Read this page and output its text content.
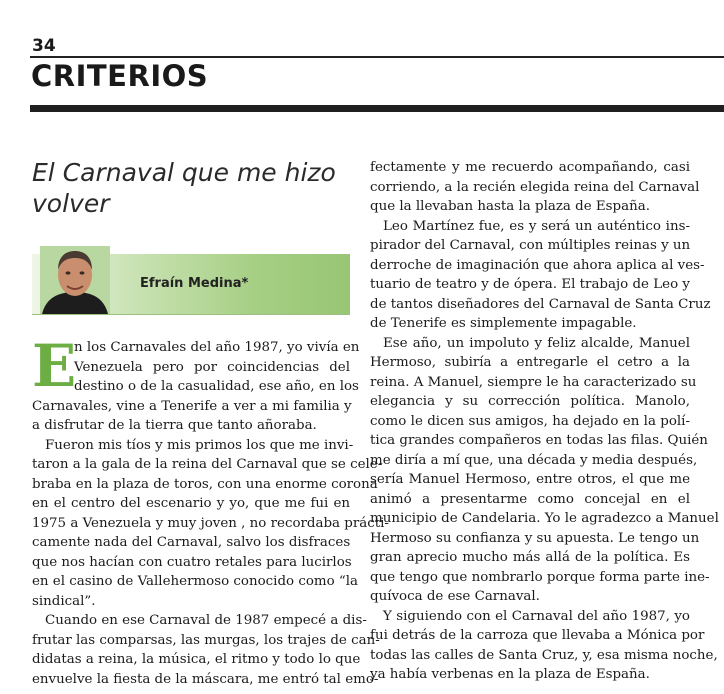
34
CRITERIOS
El Carnaval que me hizo
volver
Efraín Medina*
E
n los Carnavales del año 1987, yo vivía en
Venezuela pero por coincidencias del
destino o de la casualidad, ese año, en los
Carnavales, vine a Tenerife a ver a mi familia y
a disfrutar de la tierra que tanto añoraba.
Fueron mis tíos y mis primos los que me invi-
taron a la gala de la reina del Carnaval que se cele-
braba en la plaza de toros, con una enorme corona
en el centro del escenario y yo, que me fui en
1975 a Venezuela y muy joven , no recordaba prácti-
camente nada del Carnaval, salvo los disfraces
que nos hacían con cuatro retales para lucirlos
en el casino de Vallehermoso conocido como “la
sindical”.
Cuando en ese Carnaval de 1987 empecé a dis-
frutar las comparsas, las murgas, los trajes de can-
didatas a reina, la música, el ritmo y todo lo que
envuelve la fiesta de la máscara, me entró tal emo-
fectamente y me recuerdo acompañando, casi
corriendo, a la recién elegida reina del Carnaval
que la llevaban hasta la plaza de España.
Leo Martínez fue, es y será un auténtico ins-
pirador del Carnaval, con múltiples reinas y un
derroche de imaginación que ahora aplica al ves-
tuario de teatro y de ópera. El trabajo de Leo y
de tantos diseñadores del Carnaval de Santa Cruz
de Tenerife es simplemente impagable.
Ese año, un impoluto y feliz alcalde, Manuel
Hermoso, subiría a entregarle el cetro a la
reina. A Manuel, siempre le ha caracterizado su
elegancia y su corrección política. Manolo,
como le dicen sus amigos, ha dejado en la polí-
tica grandes compañeros en todas las filas. Quién
me diría a mí que, una década y media después,
sería Manuel Hermoso, entre otros, el que me
animó a presentarme como concejal en el
municipio de Candelaria. Yo le agradezco a Manuel
Hermoso su confianza y su apuesta. Le tengo un
gran aprecio mucho más allá de la política. Es
que tengo que nombrarlo porque forma parte ine-
quívoca de ese Carnaval.
Y siguiendo con el Carnaval del año 1987, yo
fui detrás de la carroza que llevaba a Mónica por
todas las calles de Santa Cruz, y, esa misma noche,
ya había verbenas en la plaza de España.
